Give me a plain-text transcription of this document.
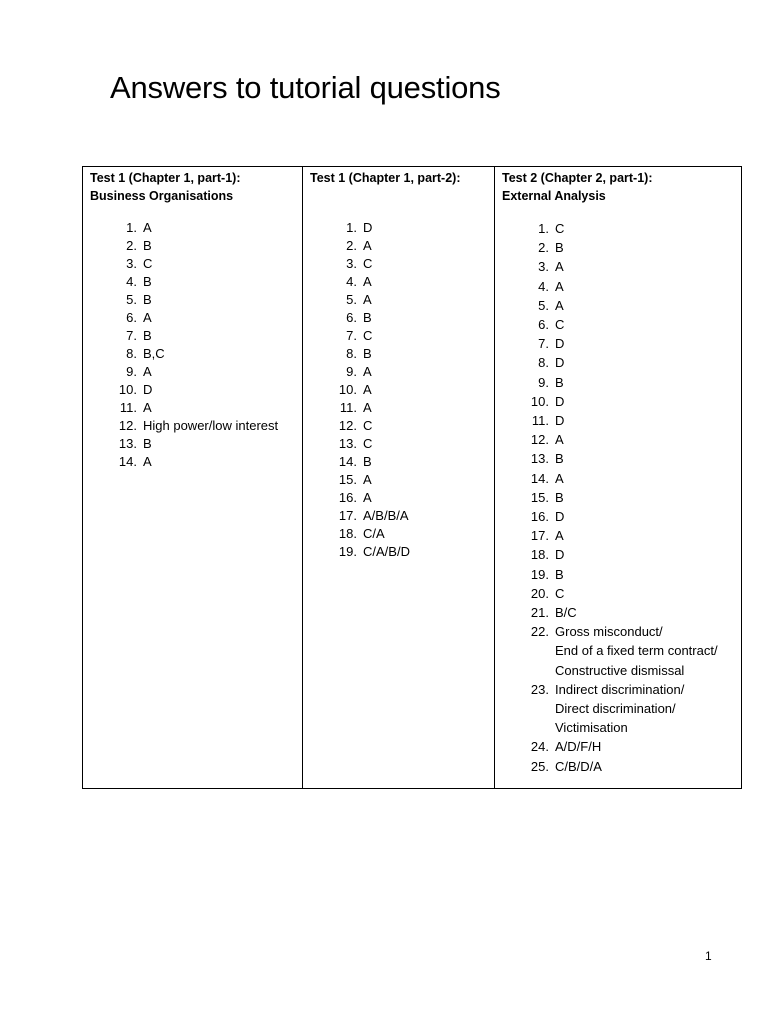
Answers to tutorial questions
Test 1 (Chapter 1, part-1):
Business Organisations
1. A
2. B
3. C
4. B
5. B
6. A
7. B
8. B,C
9. A
10. D
11. A
12. High power/low interest
13. B
14. A

Test 1 (Chapter 1, part-2):
1. D
2. A
3. C
4. A
5. A
6. B
7. C
8. B
9. A
10. A
11. A
12. C
13. C
14. B
15. A
16. A
17. A/B/B/A
18. C/A
19. C/A/B/D

Test 2 (Chapter 2, part-1):
External Analysis
1. C
2. B
3. A
4. A
5. A
6. C
7. D
8. D
9. B
10. D
11. D
12. A
13. B
14. A
15. B
16. D
17. A
18. D
19. B
20. C
21. B/C
22. Gross misconduct/
End of a fixed term contract/
Constructive dismissal
23. Indirect discrimination/
Direct discrimination/
Victimisation
24. A/D/F/H
25. C/B/D/A
1
